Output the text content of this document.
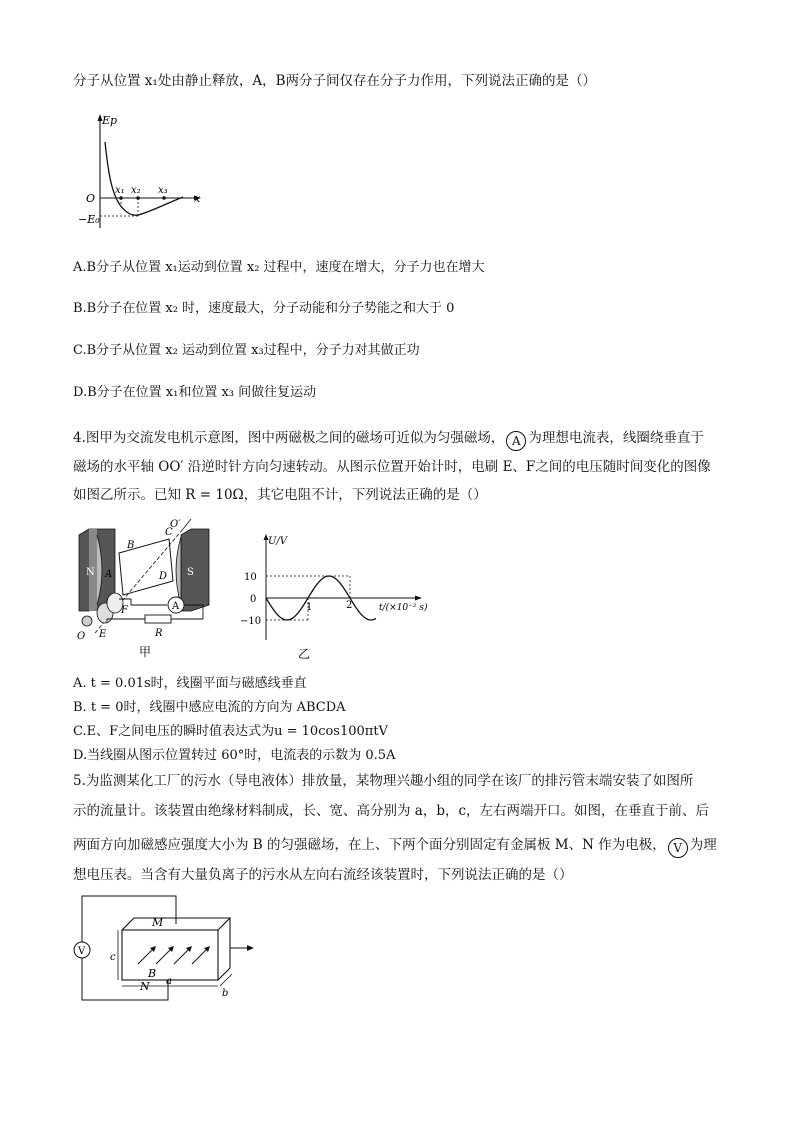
分子从位置 x₁处由静止释放，A，B两分子间仅存在分子力作用，下列说法正确的是（）
Ep
O
−E₀
x₁ x₂ x₃
x
A.B分子从位置 x₁运动到位置 x₂ 过程中，速度在增大，分子力也在增大
B.B分子在位置 x₂ 时，速度最大，分子动能和分子势能之和大于 0
C.B分子从位置 x₂ 运动到位置 x₃过程中，分子力对其做正功
D.B分子在位置 x₁和位置 x₃ 间做往复运动
4.图甲为交流发电机示意图，图中两磁极之间的磁场可近似为匀强磁场， A 为理想电流表，线圈绕垂直于
磁场的水平轴 OO′ 沿逆时针方向匀速转动。从图示位置开始计时，电刷 E、F之间的电压随时间变化的图像
如图乙所示。已知 R = 10Ω，其它电阻不计，下列说法正确的是（）
N	S
B
C
A	D
O′
O E
F	A
R
甲
U/V
10
0
−10
1	2	t/(×10⁻² s)
乙
A. t = 0.01s时，线圈平面与磁感线垂直
B. t = 0时，线圈中感应电流的方向为 ABCDA
C.E、F之间电压的瞬时值表达式为u = 10cos100πtV
D.当线圈从图示位置转过 60°时，电流表的示数为 0.5A
5.为监测某化工厂的污水（导电液体）排放量，某物理兴趣小组的同学在该厂的排污管末端安装了如图所
示的流量计。该装置由绝缘材料制成，长、宽、高分别为 a，b，c，左右两端开口。如图，在垂直于前、后
两面方向加磁感应强度大小为 B 的匀强磁场，在上、下两个面分别固定有金属板 M、N 作为电极， V 为理
想电压表。当含有大量负离子的污水从左向右流经该装置时，下列说法正确的是（）
V
M
B
c
a
N
b
